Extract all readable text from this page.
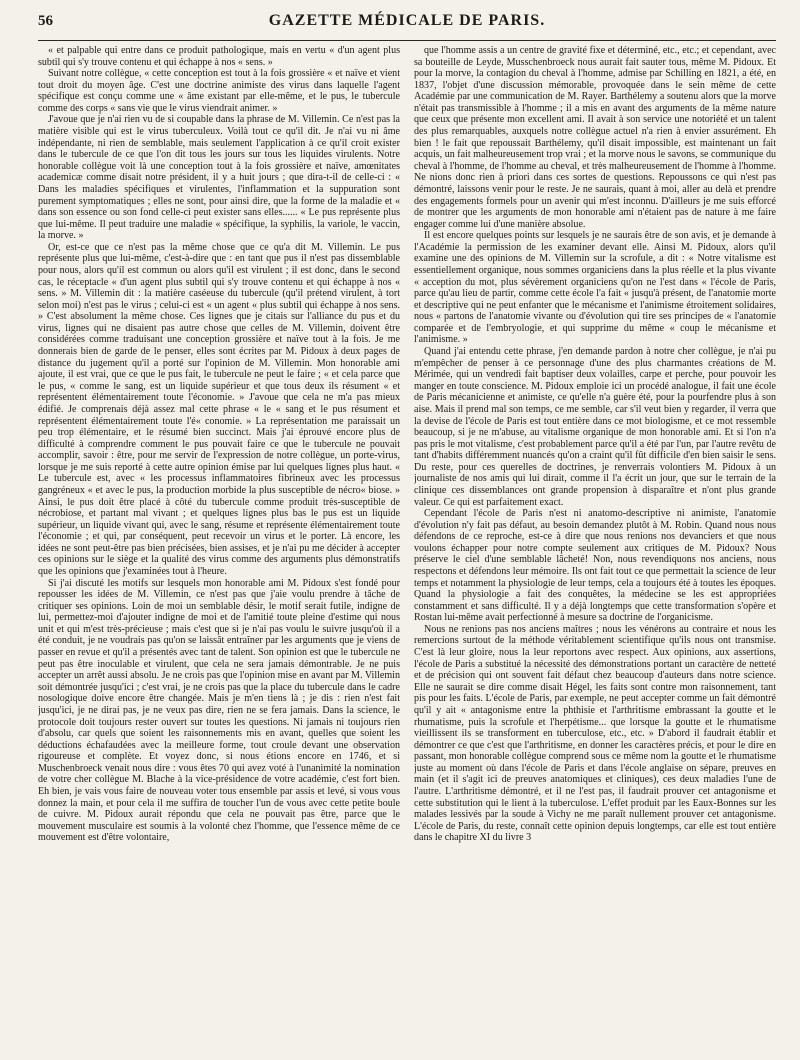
56	GAZETTE MÉDICALE DE PARIS.

« et palpable qui entre dans ce produit pathologique, mais en vertu « d'un agent plus subtil qui s'y trouve contenu et qui échappe à nos « sens. »

Suivant notre collègue, « cette conception est tout à la fois grossière « et naïve et vient tout droit du moyen âge. C'est une doctrine animiste des virus dans laquelle l'agent spécifique est conçu comme une « âme existant par elle-même, et le pus, le tubercule comme des corps « sans vie que le virus viendrait animer. »

J'avoue que je n'ai rien vu de si coupable dans la phrase de M. Villemin. Ce n'est pas la matière visible qui est le virus tuberculeux. Voilà tout ce qu'il dit. Je n'ai vu ni âme indépendante, ni rien de semblable, mais seulement l'application à ce qu'il croit exister dans le tubercule de ce que l'on dit tous les jours sur tous les liquides virulents. Notre honorable collègue voit là une conception tout à la fois grossière et naïve, amœnitates academicæ comme disait notre président, il y a huit jours ; que dira-t-il de celle-ci : « Dans les maladies spécifiques et virulentes, l'inflammation et la suppuration sont purement symptomatiques ; elles ne sont, pour ainsi dire, que la forme de la maladie et « dans son essence ou son fond celle-ci peut exister sans elles...... « Le pus représente plus que lui-même. Il peut traduire une maladie « spécifique, la syphilis, la variole, le vaccin, la morve. »

Or, est-ce que ce n'est pas la même chose que ce qu'a dit M. Villemin. Le pus représente plus que lui-même, c'est-à-dire que : en tant que pus il n'est pas dissemblable pour nous, alors qu'il est commun ou alors qu'il est virulent ; il est donc, dans le second cas, le réceptacle « d'un agent plus subtil qui s'y trouve contenu et qui échappe à nos « sens. » M. Villemin dit : la matière caséeuse du tubercule (qu'il prétend virulent, à tort selon moi) n'est pas le virus ; celui-ci est « un agent « plus subtil qui échappe à nos sens. » C'est absolument la même chose. Ces lignes que je citais sur l'alliance du pus et du virus, lignes qui ne disaient pas autre chose que celles de M. Villemin, doivent être considérées comme traduisant une conception grossière et naïve tout à la fois. Je me donnerais bien de garde de le penser, elles sont écrites par M. Pidoux à deux pages de distance du jugement qu'il a porté sur l'opinion de M. Villemin. Mon honorable ami ajoute, il est vrai, que ce que le pus fait, le tubercule ne peut le faire ; « et cela parce que le pus, « comme le sang, est un liquide supérieur et que tous deux ils résument « et représentent élémentairement toute l'économie. » J'avoue que cela ne m'a pas mieux édifié. Je comprenais déjà assez mal cette phrase « le « sang et le pus résument et représentent élémentairement toute l'é« conomie. » La représentation me paraissait un peu trop élémentaire, et le résumé bien succinct. Mais j'ai éprouvé encore plus de difficulté à comprendre comment le pus pouvait faire ce que le tubercule ne pouvait accomplir, savoir : être, pour me servir de l'expression de notre collègue, un porte-virus, lorsque je me suis reporté à cette autre opinion émise par lui quelques lignes plus haut. « Le tubercule est, avec « les processus inflammatoires fibrineux avec les processus gangréneux « et avec le pus, la production morbide la plus susceptible de nécro« biose. » Ainsi, le pus doit être placé à côté du tubercule comme produit très-susceptible de nécrobiose, et partant mal vivant ; et quelques lignes plus bas le pus est un liquide supérieur, un liquide vivant qui, avec le sang, résume et représente élémentairement toute l'économie ; et qui, par conséquent, peut recevoir un virus et le porter. Là encore, les idées ne sont peut-être pas bien précisées, bien assises, et je n'ai pu me décider à accepter ces opinions sur le siège et la qualité des virus comme des arguments plus démonstratifs que les opinions que j'examinées tout à l'heure.

Si j'ai discuté les motifs sur lesquels mon honorable ami M. Pidoux s'est fondé pour repousser les idées de M. Villemin, ce n'est pas que j'aie voulu prendre à tâche de critiquer ses opinions. Loin de moi un semblable désir, le motif serait futile, indigne de lui, permettez-moi d'ajouter indigne de moi et de l'amitié toute pleine d'estime qui nous unit et qui m'est très-précieuse ; mais c'est que si je n'ai pas voulu le suivre jusqu'où il a été conduit, je ne voudrais pas qu'on se laissât entraîner par les arguments que je viens de passer en revue et qu'il a présentés avec tant de talent. Son opinion est que le tubercule ne peut pas être inoculable et virulent, que cela ne sera jamais démontrable. Je ne puis accepter un arrêt aussi absolu. Je ne crois pas que l'opinion mise en avant par M. Villemin soit démontrée jusqu'ici ; c'est vrai, je ne crois pas que la place du tubercule dans le cadre nosologique doive encore être changée. Mais je m'en tiens là ; je dis : rien n'est fait jusqu'ici, je ne dirai pas, je ne veux pas dire, rien ne se fera jamais. Dans la science, le protocole doit toujours rester ouvert sur toutes les questions. Ni jamais ni toujours rien d'absolu, car quels que soient les raisonnements mis en avant, quelles que soient les déductions échafaudées avec la meilleure forme, tout croule devant une observation rigoureuse et complète. Et voyez donc, si nous étions encore en 1746, et si Muschenbroeck venait nous dire : vous êtes 70 qui avez voté à l'unanimité la nomination de votre cher collègue M. Blache à la vice-présidence de votre académie, c'est fort bien. Eh bien, je vais vous faire de nouveau voter tous ensemble par assis et levé, si vous vous donnez la main, et pour cela il me suffira de toucher l'un de vous avec cette petite boule de cuivre. M. Pidoux aurait répondu que cela ne pouvait pas être, parce que le mouvement musculaire est soumis à la volonté chez l'homme, que l'essence même de ce mouvement est d'être volontaire,

que l'homme assis a un centre de gravité fixe et déterminé, etc., etc.; et cependant, avec sa bouteille de Leyde, Musschenbroeck nous aurait fait sauter tous, même M. Pidoux. Et pour la morve, la contagion du cheval à l'homme, admise par Schilling en 1821, a été, en 1837, l'objet d'une discussion mémorable, provoquée dans le sein même de cette Académie par une communication de M. Rayer. Barthélemy a soutenu alors que la morve n'était pas transmissible à l'homme ; il a mis en avant des arguments de la même nature que ceux que présente mon excellent ami. Il avait à son service une notoriété et un talent des plus remarquables, auxquels notre collègue actuel n'a rien à envier assurément. Eh bien ! le fait que repoussait Barthélemy, qu'il disait impossible, est maintenant un fait acquis, un fait malheureusement trop vrai ; et la morve nous le savons, se communique du cheval à l'homme, de l'homme au cheval, et très malheureusement de l'homme à l'homme. Ne nions donc rien à priori dans ces sortes de questions. Repoussons ce qui n'est pas démontré, laissons venir pour le reste. Je ne saurais, quant à moi, aller au delà et prendre des engagements formels pour un avenir qui m'est inconnu. D'ailleurs je me suis efforcé de montrer que les arguments de mon honorable ami n'étaient pas de nature à me faire engager comme lui d'une manière absolue.

Il est encore quelques points sur lesquels je ne saurais être de son avis, et je demande à l'Académie la permission de les examiner devant elle. Ainsi M. Pidoux, alors qu'il examine une des opinions de M. Villemin sur la scrofule, a dit : « Notre vitalisme est essentiellement organique, nous sommes organiciens dans la plus réelle et la plus vivante « acception du mot, plus sévèrement organiciens qu'on ne l'est dans « l'école de Paris, parce qu'au lieu de partir, comme cette école l'a fait « jusqu'à présent, de l'anatomie morte et descriptive qui ne peut enfanter que le mécanisme et l'animisme étroitement solidaires, nous « partons de l'anatomie vivante ou d'évolution qui tire ses principes de « l'anatomie comparée et de l'embryologie, et qui supprime du même « coup le mécanisme et l'animisme. »

Quand j'ai entendu cette phrase, j'en demande pardon à notre cher collègue, je n'ai pu m'empêcher de penser à ce personnage d'une des plus charmantes créations de M. Mérimée, qui un vendredi fait baptiser deux volailles, carpe et perche, pour pouvoir les manger en toute conscience. M. Pidoux emploie ici un procédé analogue, il fait une école de Paris mécanicienne et animiste, ce qu'elle n'a guère été, pour la pourfendre plus à son aise. Mais il prend mal son temps, ce me semble, car s'il veut bien y regarder, il verra que la devise de l'école de Paris est tout entière dans ce mot biologisme, et ce mot ressemble beaucoup, si je ne m'abuse, au vitalisme organique de mon honorable ami. Et si l'on n'a pas pris le mot vitalisme, c'est probablement parce qu'il a été par l'un, par l'autre revêtu de tant d'habits différemment nuancés qu'on a craint qu'il fût difficile d'en bien saisir le sens. Du reste, pour ces querelles de doctrines, je renverrais volontiers M. Pidoux à un journaliste de nos amis qui lui dirait, comme il l'a écrit un jour, que sur le terrain de la clinique ces dissemblances ont grande propension à disparaître et n'ont plus grande valeur. Ce qui est parfaitement exact.

Cependant l'école de Paris n'est ni anatomo-descriptive ni animiste, l'anatomie d'évolution n'y fait pas défaut, au besoin demandez plutôt à M. Robin. Quand nous nous défendons de ce reproche, est-ce à dire que nous renions nos devanciers et que nous voulons échapper pour notre compte seulement aux critiques de M. Pidoux? Nous préserve le ciel d'une semblable lâcheté! Non, nous revendiquons nos anciens, nous respectons et défendons leur mémoire. Ils ont fait tout ce que permettait la science de leur temps et notamment la physiologie de leur temps, cela a toujours été à toutes les époques. Quand la physiologie a fait des conquêtes, la médecine se les est appropriées constamment et sans difficulté. Il y a déjà longtemps que cette transformation s'opère et Rostan lui-même avait perfectionné à mesure sa doctrine de l'organicisme.

Nous ne renions pas nos anciens maîtres ; nous les vénérons au contraire et nous les remercions surtout de la méthode véritablement scientifique qu'ils nous ont transmise. C'est là leur gloire, nous la leur reportons avec respect. Aux opinions, aux assertions, l'école de Paris a substitué la nécessité des démonstrations portant un caractère de netteté et de précision qui ont souvent fait défaut chez beaucoup d'auteurs dans notre science. Elle ne saurait se dire comme disait Hégel, les faits sont contre mon raisonnement, tant pis pour les faits. L'école de Paris, par exemple, ne peut accepter comme un fait démontré qu'il y ait « antagonisme entre la phthisie et l'arthritisme embrassant la goutte et le rhumatisme, puis la scrofule et l'herpétisme... que lorsque la goutte et le rhumatisme vieillissent ils se transforment en tuberculose, etc., etc. » D'abord il faudrait établir et démontrer ce que c'est que l'arthritisme, en donner les caractères précis, et pour le dire en passant, mon honorable collègue comprend sous ce même nom la goutte et le rhumatisme juste au moment où dans l'école de Paris et dans l'école anglaise on sépare, preuves en main (et il s'agit ici de preuves anatomiques et cliniques), ces deux maladies l'une de l'autre. L'arthritisme démontré, et il ne l'est pas, il faudrait prouver cet antagonisme et cette substitution qui le lient à la tuberculose. L'effet produit par les Eaux-Bonnes sur les malades lessivés par la soude à Vichy ne me paraît nullement prouver cet antagonisme. L'école de Paris, du reste, connaît cette opinion depuis longtemps, car elle est tout entière dans le chapitre XI du livre 3
